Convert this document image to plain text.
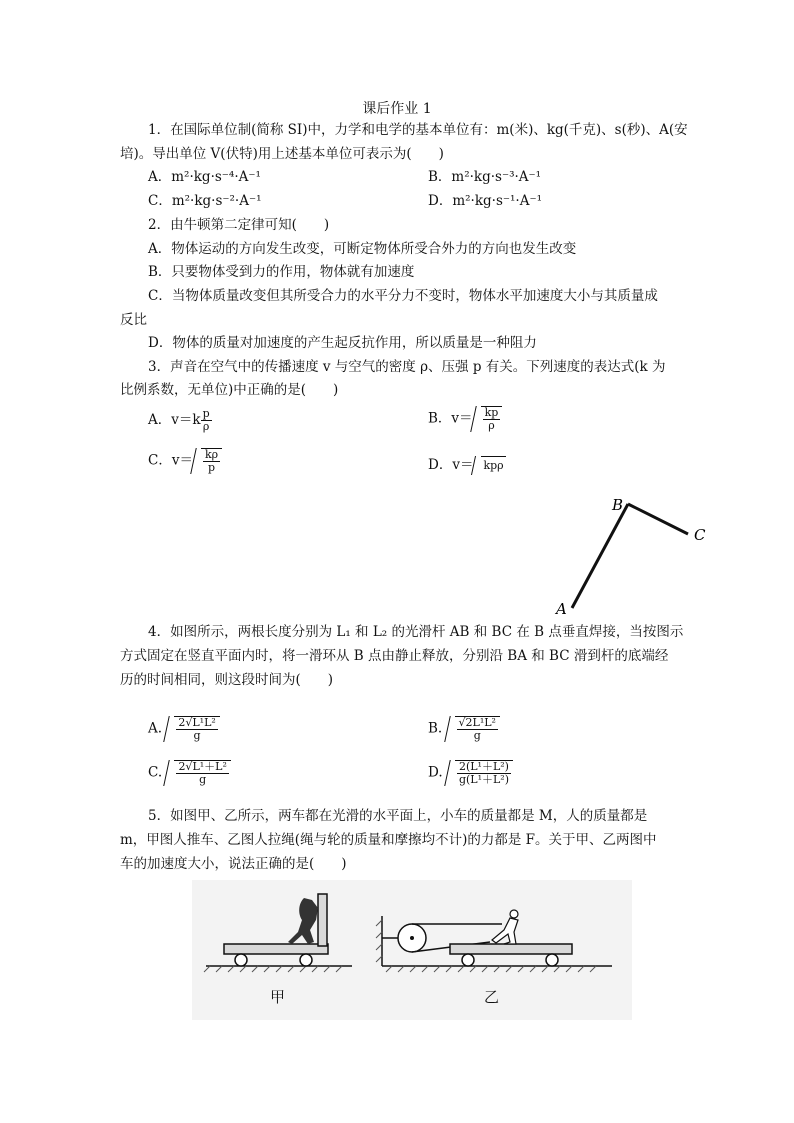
课后作业 1
1．在国际单位制(简称 SI)中，力学和电学的基本单位有：m(米)、kg(千克)、s(秒)、A(安
培)。导出单位 V(伏特)用上述基本单位可表示为(　　)
A．m²·kg·s⁻⁴·A⁻¹	B．m²·kg·s⁻³·A⁻¹
C．m²·kg·s⁻²·A⁻¹	D．m²·kg·s⁻¹·A⁻¹
2．由牛顿第二定律可知(　　)
A．物体运动的方向发生改变，可断定物体所受合外力的方向也发生改变
B．只要物体受到力的作用，物体就有加速度
C．当物体质量改变但其所受合力的水平分力不变时，物体水平加速度大小与其质量成
反比
D．物体的质量对加速度的产生起反抗作用，所以质量是一种阻力
3．声音在空气中的传播速度 v 与空气的密度 ρ、压强 p 有关。下列速度的表达式(k 为
比例系数，无单位)中正确的是(　　)
A．$v=k \frac{p}{\rho}$	B．$v= \frac{kp}{\rho}$
C．$v= \frac{k\rho}{p}$	D．v＝ kpρ
A
B
C
4．如图所示，两根长度分别为 L₁ 和 L₂ 的光滑杆 AB 和 BC 在 B 点垂直焊接，当按图示
方式固定在竖直平面内时，将一滑环从 B 点由静止释放，分别沿 BA 和 BC 滑到杆的底端经
历的时间相同，则这段时间为(　　)
A. $\frac{\text{2√L¹L²}}{g}$	B. $\frac{\text{√2L¹L²}}{g}$
C. $\frac{\text{2√L¹＋L²}}{g}$	D. $\frac{\text{2(L¹＋L²)}}{\text{g(L¹＋L²)}}$
5．如图甲、乙所示，两车都在光滑的水平面上，小车的质量都是 M，人的质量都是
m，甲图人推车、乙图人拉绳(绳与轮的质量和摩擦均不计)的力都是 F。关于甲、乙两图中
车的加速度大小，说法正确的是(　　)
甲	乙
